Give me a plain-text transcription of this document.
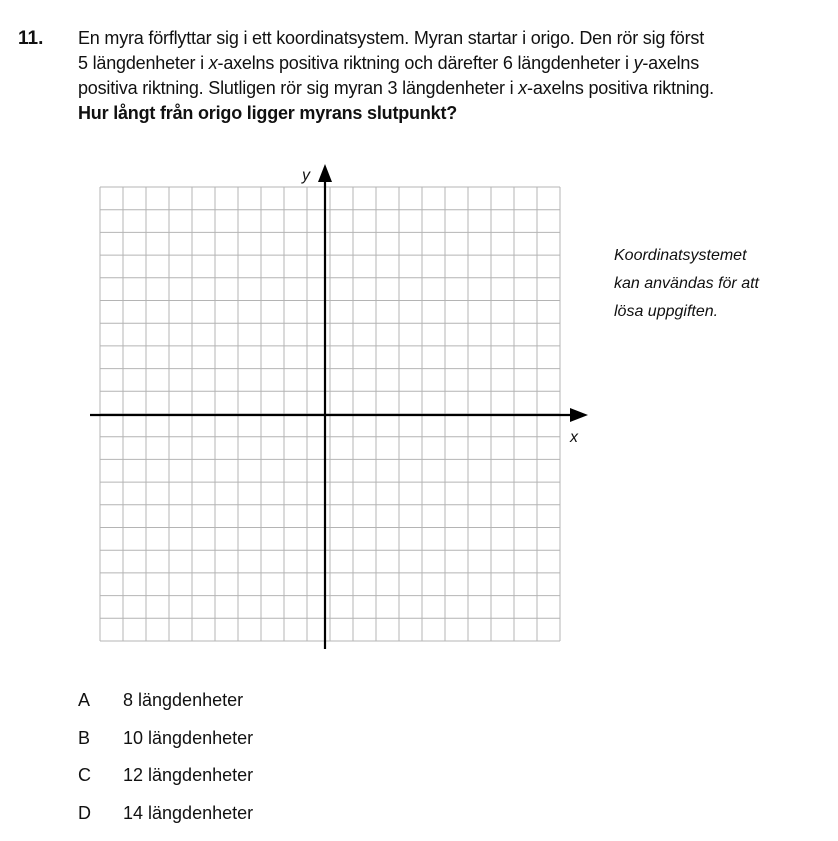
11. En myra förflyttar sig i ett koordinatsystem. Myran startar i origo. Den rör sig först

5 längdenheter i x-axelns positiva riktning och därefter 6 längdenheter i y-axelns

positiva riktning. Slutligen rör sig myran 3 längdenheter i x-axelns positiva riktning.

Hur långt från origo ligger myrans slutpunkt?

x
y

Koordinatsystemet

kan användas för att

lösa uppgiften.

A	8 längdenheter
B	10 längdenheter
C	12 längdenheter
D	14 längdenheter
